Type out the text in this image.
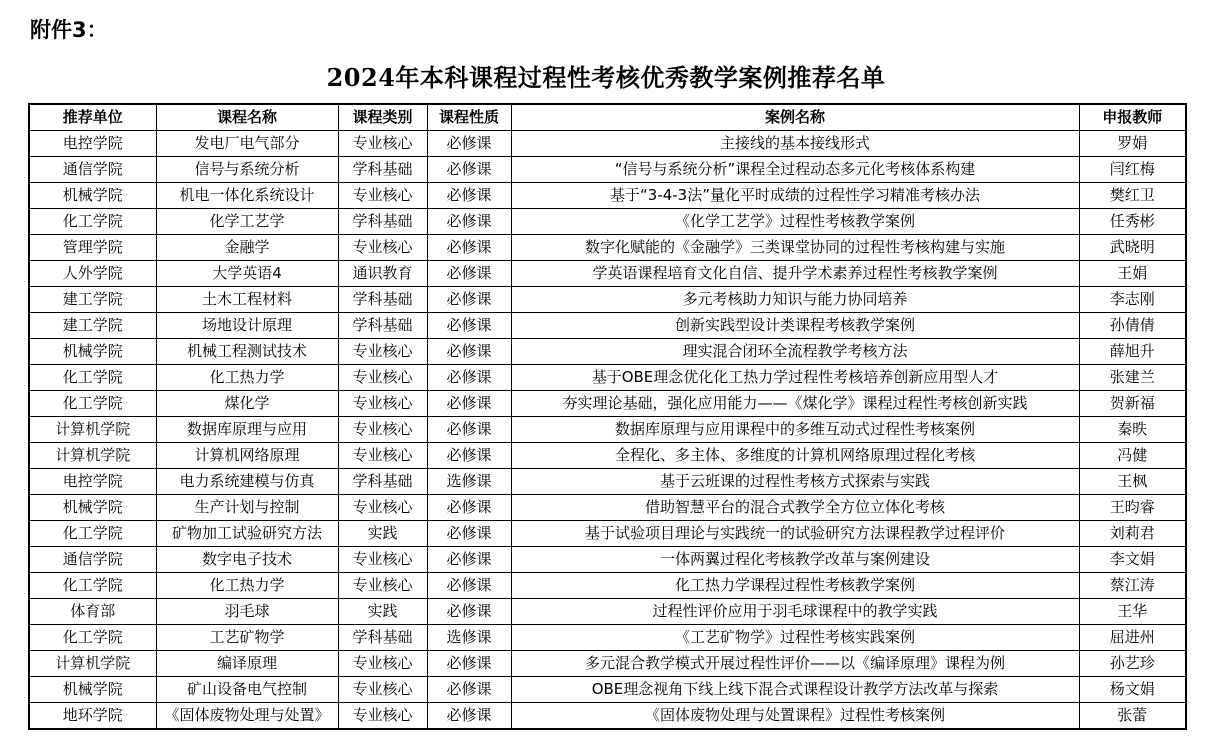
附件3：
2024年本科课程过程性考核优秀教学案例推荐名单
推荐单位	课程名称	课程类别	课程性质	案例名称	申报教师
电控学院	发电厂电气部分	专业核心	必修课	主接线的基本接线形式	罗娟
通信学院	信号与系统分析	学科基础	必修课	“信号与系统分析”课程全过程动态多元化考核体系构建	闫红梅
机械学院	机电一体化系统设计	专业核心	必修课	基于“3-4-3法”量化平时成绩的过程性学习精准考核办法	樊红卫
化工学院	化学工艺学	学科基础	必修课	《化学工艺学》过程性考核教学案例	任秀彬
管理学院	金融学	专业核心	必修课	数字化赋能的《金融学》三类课堂协同的过程性考核构建与实施	武晓明
人外学院	大学英语4	通识教育	必修课	学英语课程培育文化自信、提升学术素养过程性考核教学案例	王娟
建工学院	土木工程材料	学科基础	必修课	多元考核助力知识与能力协同培养	李志刚
建工学院	场地设计原理	学科基础	必修课	创新实践型设计类课程考核教学案例	孙倩倩
机械学院	机械工程测试技术	专业核心	必修课	理实混合闭环全流程教学考核方法	薛旭升
化工学院	化工热力学	专业核心	必修课	基于OBE理念优化化工热力学过程性考核培养创新应用型人才	张建兰
化工学院	煤化学	专业核心	必修课	夯实理论基础，强化应用能力——《煤化学》课程过程性考核创新实践	贺新福
计算机学院	数据库原理与应用	专业核心	必修课	数据库原理与应用课程中的多维互动式过程性考核案例	秦昳
计算机学院	计算机网络原理	专业核心	必修课	全程化、多主体、多维度的计算机网络原理过程化考核	冯健
电控学院	电力系统建模与仿真	学科基础	选修课	基于云班课的过程性考核方式探索与实践	王枫
机械学院	生产计划与控制	专业核心	必修课	借助智慧平台的混合式教学全方位立体化考核	王昀睿
化工学院	矿物加工试验研究方法	实践	必修课	基于试验项目理论与实践统一的试验研究方法课程教学过程评价	刘莉君
通信学院	数字电子技术	专业核心	必修课	一体两翼过程化考核教学改革与案例建设	李文娟
化工学院	化工热力学	专业核心	必修课	化工热力学课程过程性考核教学案例	蔡江涛
体育部	羽毛球	实践	必修课	过程性评价应用于羽毛球课程中的教学实践	王华
化工学院	工艺矿物学	学科基础	选修课	《工艺矿物学》过程性考核实践案例	屈进州
计算机学院	编译原理	专业核心	必修课	多元混合教学模式开展过程性评价——以《编译原理》课程为例	孙艺珍
机械学院	矿山设备电气控制	专业核心	必修课	OBE理念视角下线上线下混合式课程设计教学方法改革与探索	杨文娟
地环学院	《固体废物处理与处置》	专业核心	必修课	《固体废物处理与处置课程》过程性考核案例	张蕾
